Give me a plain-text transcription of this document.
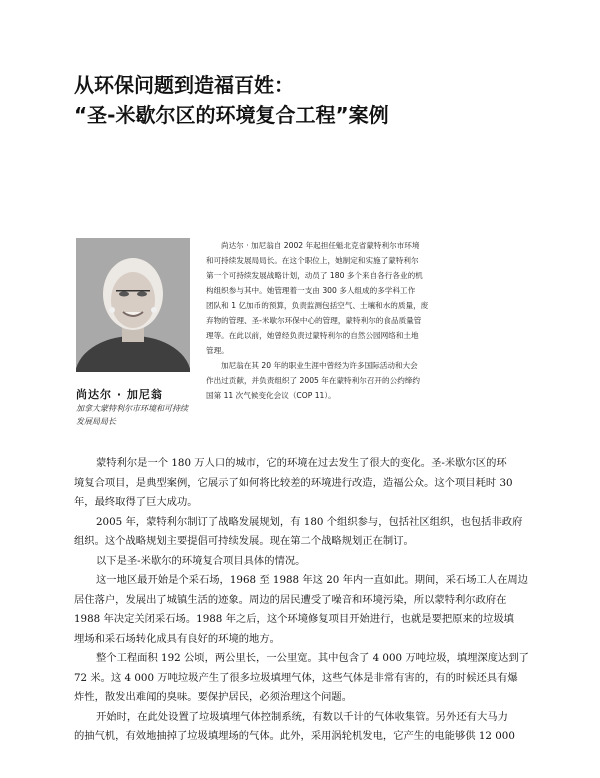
从环保问题到造福百姓：
“圣-米歇尔区的环境复合工程”案例
尚达尔 · 加尼翁
加拿大蒙特利尔市环境和可持续
发展局局长
尚达尔 · 加尼翁自 2002 年起担任魁北克省蒙特利尔市环境
和可持续发展局局长。在这个职位上，她制定和实施了蒙特利尔
第一个可持续发展战略计划，动员了 180 多个来自各行各业的机
构组织参与其中。她管理着一支由 300 多人组成的多学科工作
团队和 1 亿加币的预算，负责监测包括空气、土壤和水的质量，废
弃物的管理、圣-米歇尔环保中心的管理，蒙特利尔的食品质量管
理等。在此以前，她曾经负责过蒙特利尔的自然公园网络和土地
管理。
加尼翁在其 20 年的职业生涯中曾经为许多国际活动和大会
作出过贡献，并负责组织了 2005 年在蒙特利尔召开的公约缔约
国第 11 次气候变化会议（COP 11）。
蒙特利尔是一个 180 万人口的城市，它的环境在过去发生了很大的变化。圣-米歇尔区的环
境复合项目，是典型案例，它展示了如何将比较差的环境进行改造，造福公众。这个项目耗时 30
年，最终取得了巨大成功。
2005 年，蒙特利尔制订了战略发展规划，有 180 个组织参与，包括社区组织，也包括非政府
组织。这个战略规划主要提倡可持续发展。现在第二个战略规划正在制订。
以下是圣-米歇尔的环境复合项目具体的情况。
这一地区最开始是个采石场，1968 至 1988 年这 20 年内一直如此。期间，采石场工人在周边
居住落户，发展出了城镇生活的迹象。周边的居民遭受了噪音和环境污染，所以蒙特利尔政府在
1988 年决定关闭采石场。1988 年之后，这个环境修复项目开始进行，也就是要把原来的垃圾填
埋场和采石场转化成具有良好的环境的地方。
整个工程面积 192 公顷，两公里长，一公里宽。其中包含了 4 000 万吨垃圾，填埋深度达到了
72 米。这 4 000 万吨垃圾产生了很多垃圾填埋气体，这些气体是非常有害的，有的时候还具有爆
炸性，散发出难闻的臭味。要保护居民，必须治理这个问题。
开始时，在此处设置了垃圾填埋气体控制系统，有数以千计的气体收集管。另外还有大马力
的抽气机，有效地抽掉了垃圾填埋场的气体。此外，采用涡轮机发电，它产生的电能够供 12 000
